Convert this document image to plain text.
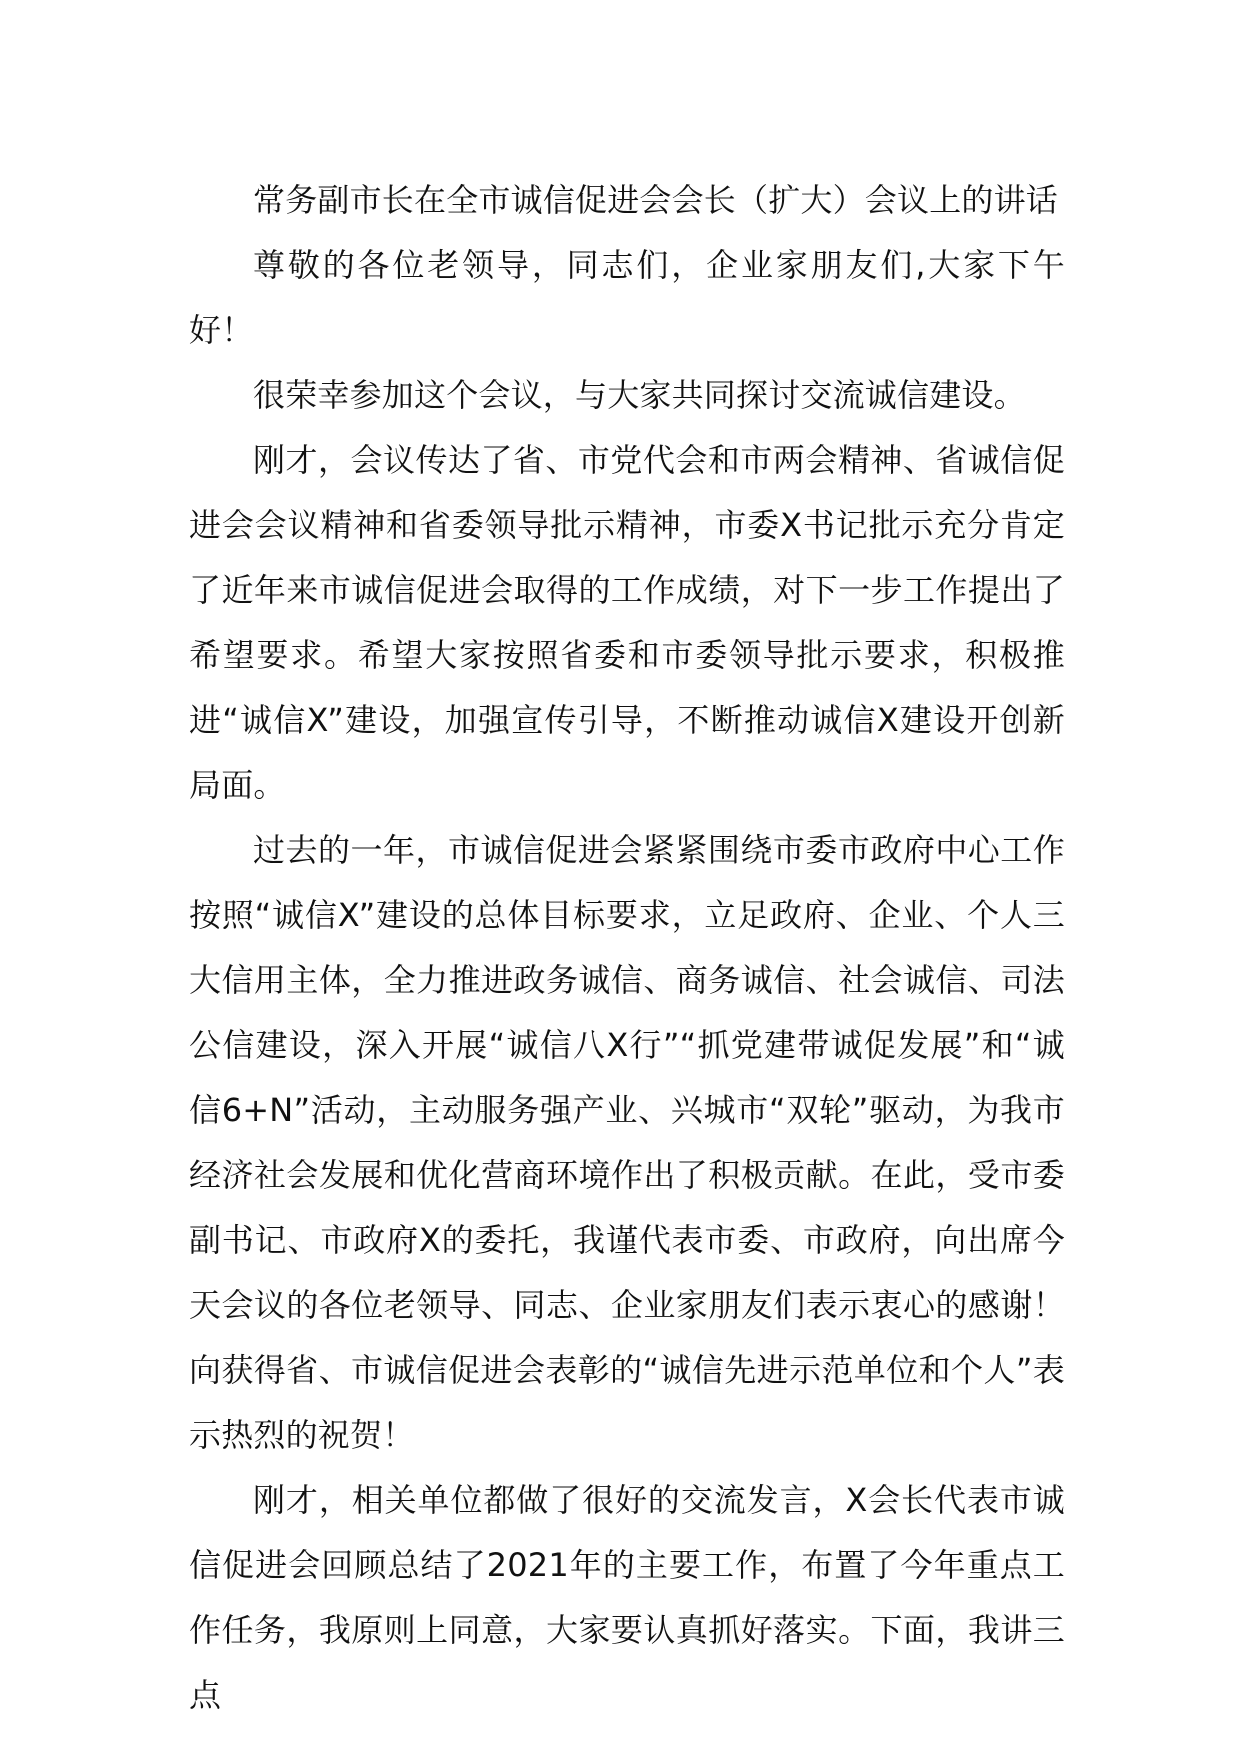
常务副市长在全市诚信促进会会长（扩大）会议上的讲话

尊敬的各位老领导，同志们，企业家朋友们,大家下午好！

很荣幸参加这个会议，与大家共同探讨交流诚信建设。

刚才，会议传达了省、市党代会和市两会精神、省诚信促进会会议精神和省委领导批示精神，市委X书记批示充分肯定了近年来市诚信促进会取得的工作成绩，对下一步工作提出了希望要求。希望大家按照省委和市委领导批示要求，积极推进“诚信X”建设，加强宣传引导，不断推动诚信X建设开创新局面。

过去的一年，市诚信促进会紧紧围绕市委市政府中心工作按照“诚信X”建设的总体目标要求，立足政府、企业、个人三大信用主体，全力推进政务诚信、商务诚信、社会诚信、司法公信建设，深入开展“诚信八X行”“抓党建带诚促发展”和“诚信6+N”活动，主动服务强产业、兴城市“双轮”驱动，为我市经济社会发展和优化营商环境作出了积极贡献。在此，受市委副书记、市政府X的委托，我谨代表市委、市政府，向出席今天会议的各位老领导、同志、企业家朋友们表示衷心的感谢！向获得省、市诚信促进会表彰的“诚信先进示范单位和个人”表示热烈的祝贺！

刚才，相关单位都做了很好的交流发言，X会长代表市诚信促进会回顾总结了2021年的主要工作，布置了今年重点工作任务，我原则上同意，大家要认真抓好落实。下面，我讲三点
